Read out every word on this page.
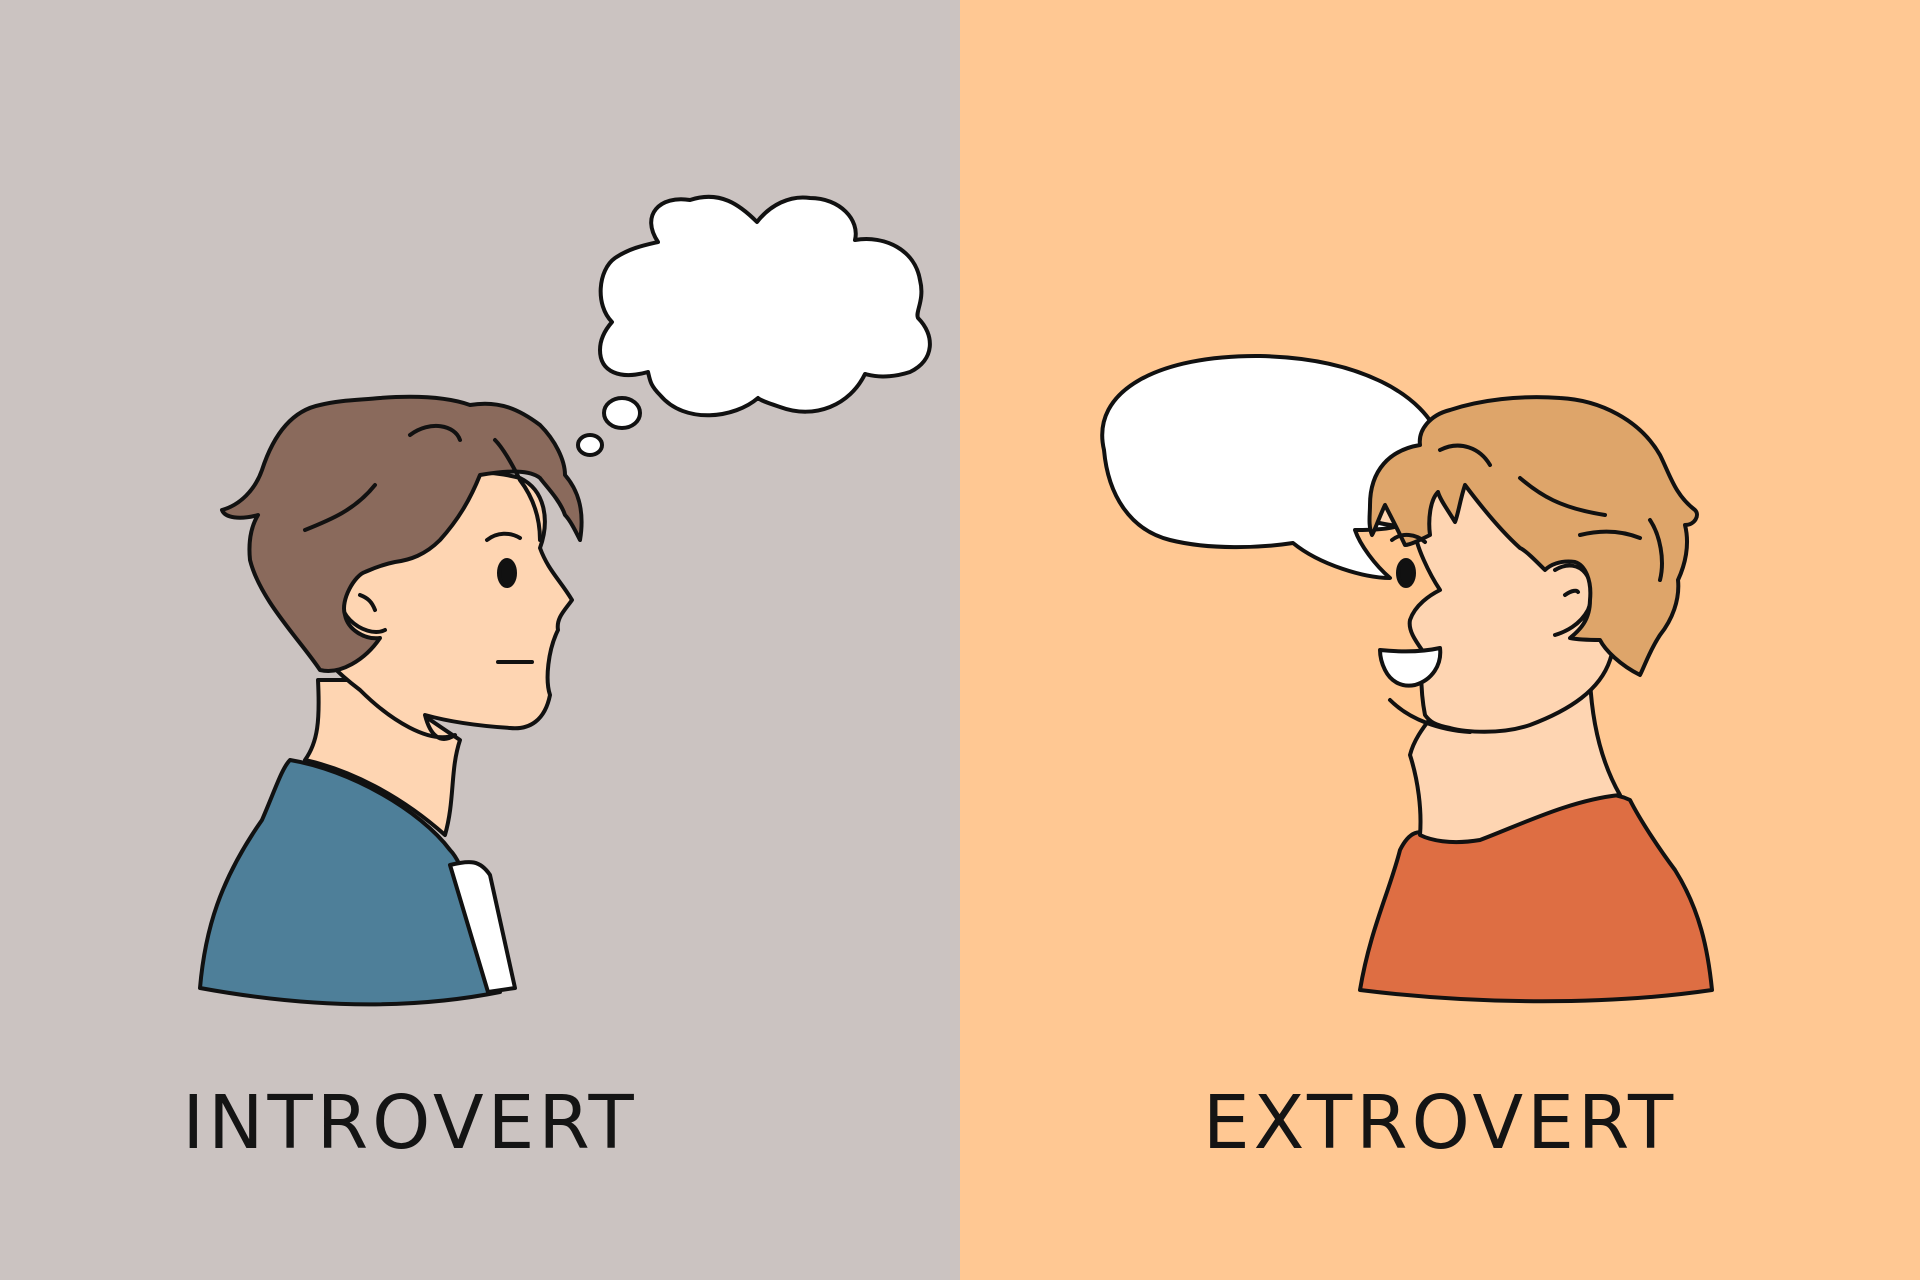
INTROVERT	EXTROVERT
